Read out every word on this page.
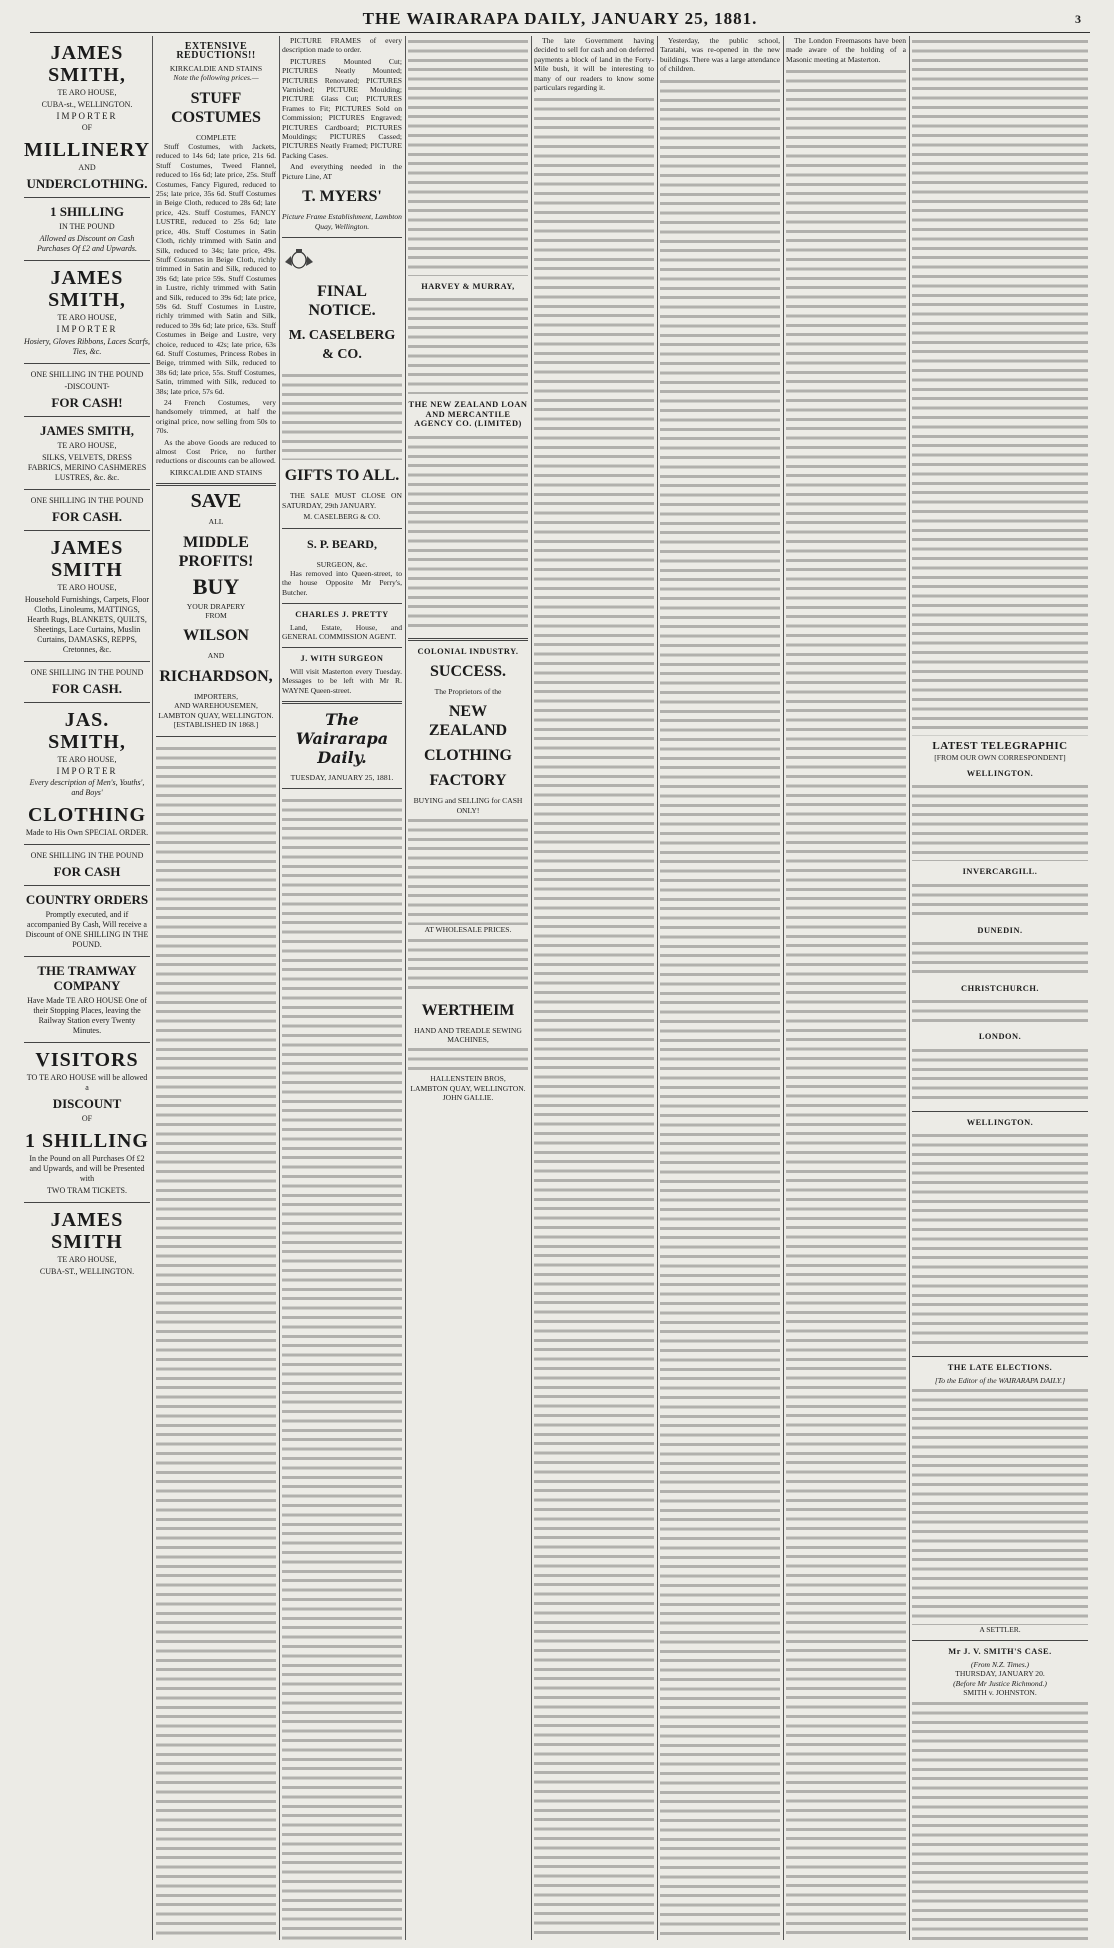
THE WAIRARAPA DAILY, JANUARY 25, 1881.	3
JAMES SMITH,
TE ARO HOUSE,
CUBA-st., WELLINGTON.
IMPORTER
OF
MILLINERY
AND
UNDERCLOTHING.
1 SHILLING
IN THE POUND
Allowed as Discount on Cash Purchases Of £2 and Upwards.
JAMES SMITH,
TE ARO HOUSE,
IMPORTER
Hosiery, Gloves Ribbons, Laces Scarfs, Ties, &c.
ONE SHILLING IN THE POUND
-DISCOUNT-
FOR CASH!
JAMES SMITH,
TE ARO HOUSE,
SILKS, VELVETS, DRESS FABRICS, MERINO CASHMERES LUSTRES, &c. &c.
ONE SHILLING IN THE POUND
FOR CASH.
JAMES SMITH
TE ARO HOUSE,
Household Furnishings, Carpets, Floor Cloths, Linoleums, MATTINGS, Hearth Rugs, BLANKETS, QUILTS, Sheetings, Lace Curtains, Muslin Curtains, DAMASKS, REPPS, Cretonnes, &c.
ONE SHILLING IN THE POUND
FOR CASH.
JAS. SMITH,
TE ARO HOUSE,
IMPORTER
Every description of Men's, Youths', and Boys'
CLOTHING
Made to His Own SPECIAL ORDER.
ONE SHILLING IN THE POUND
FOR CASH
COUNTRY ORDERS
Promptly executed, and if accompanied By Cash, Will receive a Discount of ONE SHILLING IN THE POUND.
THE TRAMWAY COMPANY
Have Made TE ARO HOUSE One of their Stopping Places, leaving the Railway Station every Twenty Minutes.
VISITORS
TO TE ARO HOUSE will be allowed a
DISCOUNT
OF
1 SHILLING
In the Pound on all Purchases Of £2 and Upwards, and will be Presented with
TWO TRAM TICKETS.
JAMES SMITH
TE ARO HOUSE,
CUBA-ST., WELLINGTON.
EXTENSIVE REDUCTIONS!!
KIRKCALDIE AND STAINS
Note the following prices.—
STUFF COSTUMES
COMPLETE
Stuff Costumes, with Jackets, reduced to 14s 6d; late price, 21s 6d. Stuff Costumes, Tweed Flannel, reduced to 16s 6d; late price, 25s. Stuff Costumes, Fancy Figured, reduced to 25s; late price, 35s 6d. Stuff Costumes in Beige Cloth, reduced to 28s 6d; late price, 42s. Stuff Costumes, FANCY LUSTRE, reduced to 25s 6d; late price, 40s. Stuff Costumes in Satin Cloth, richly trimmed with Satin and Silk, reduced to 34s; late price, 49s. Stuff Costumes in Beige Cloth, richly trimmed in Satin and Silk, reduced to 39s 6d; late price 59s. Stuff Costumes in Lustre, richly trimmed with Satin and Silk, reduced to 39s 6d; late price, 59s 6d. Stuff Costumes in Lustre, richly trimmed with Satin and Silk, reduced to 39s 6d; late price, 63s. Stuff Costumes in Beige and Lustre, very choice, reduced to 42s; late price, 63s 6d. Stuff Costumes, Princess Robes in Beige, trimmed with Silk, reduced to 38s 6d; late price, 55s. Stuff Costumes, Satin, trimmed with Silk, reduced to 38s; late price, 57s 6d.
24 French Costumes, very handsomely trimmed, at half the original price, now selling from 50s to 70s.
As the above Goods are reduced to almost Cost Price, no further reductions or discounts can be allowed.
KIRKCALDIE AND STAINS
SAVE
ALL
MIDDLE PROFITS!
BUY
YOUR DRAPERY
FROM
WILSON
AND
RICHARDSON,
IMPORTERS,
AND WAREHOUSEMEN,
LAMBTON QUAY, WELLINGTON.
[ESTABLISHED IN 1868.]
PICTURE FRAMES of every description made to order.
PICTURES Mounted Cut; PICTURES Neatly Mounted; PICTURES Renovated; PICTURES Varnished; PICTURE Moulding; PICTURE Glass Cut; PICTURES Frames to Fit; PICTURES Sold on Commission; PICTURES Engraved; PICTURES Cardboard; PICTURES Mouldings; PICTURES Cassed; PICTURES Neatly Framed; PICTURE Packing Cases.
And everything needed in the Picture Line, AT
T. MYERS'
Picture Frame Establishment, Lambton Quay, Wellington.
FINAL NOTICE.
M. CASELBERG & CO.
GIFTS TO ALL.
THE SALE MUST CLOSE ON SATURDAY, 29th JANUARY.
M. CASELBERG & CO.
S. P. BEARD,
SURGEON, &c.
Has removed into Queen-street, to the house Opposite Mr Perry's, Butcher.
CHARLES J. PRETTY
Land, Estate, House, and GENERAL COMMISSION AGENT.
J. WITH SURGEON
Will visit Masterton every Tuesday. Messages to be left with Mr R. WAYNE Queen-street.
The Wairarapa Daily.
TUESDAY, JANUARY 25, 1881.
HARVEY & MURRAY,
THE NEW ZEALAND LOAN AND MERCANTILE AGENCY CO. (LIMITED)
COLONIAL INDUSTRY.
SUCCESS.
The Proprietors of the
NEW ZEALAND
CLOTHING
FACTORY
BUYING and SELLING for CASH ONLY!
AT WHOLESALE PRICES.
WERTHEIM
HAND AND TREADLE SEWING MACHINES,
HALLENSTEIN BROS,
LAMBTON QUAY, WELLINGTON.
JOHN GALLIE.
The late Government having decided to sell for cash and on deferred payments a block of land in the Forty-Mile bush, it will be interesting to many of our readers to know some particulars regarding it.
Yesterday, the public school, Taratahi, was re-opened in the new buildings. There was a large attendance of children.
The London Freemasons have been made aware of the holding of a Masonic meeting at Masterton.
LATEST TELEGRAPHIC
[FROM OUR OWN CORRESPONDENT]
WELLINGTON.
INVERCARGILL.
DUNEDIN.
CHRISTCHURCH.
LONDON.
WELLINGTON.
THE LATE ELECTIONS.
[To the Editor of the WAIRARAPA DAILY.]
A SETTLER.
Mr J. V. SMITH'S CASE.
(From N.Z. Times.)
THURSDAY, JANUARY 20.
(Before Mr Justice Richmond.)
SMITH v. JOHNSTON.
